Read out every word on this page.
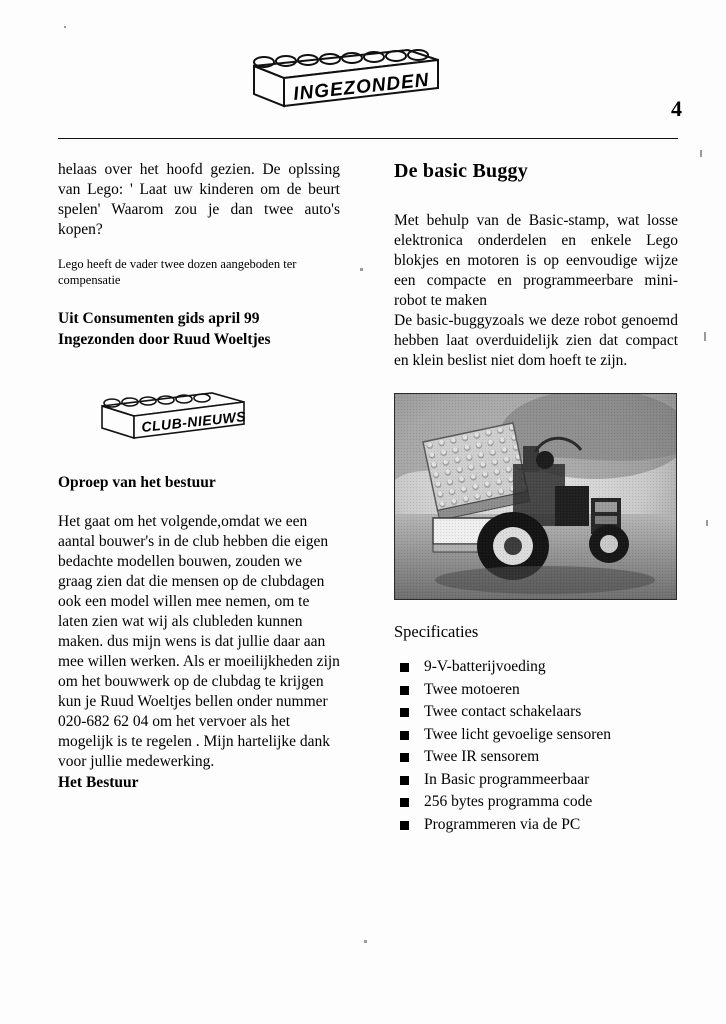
INGEZONDEN
4

helaas over het hoofd gezien. De oplssing van Lego: ' Laat uw kinderen om de beurt spelen' Waarom zou je dan twee auto's kopen?

Lego heeft de vader twee dozen aangeboden ter compensatie

Uit Consumenten gids april 99
Ingezonden door Ruud Woeltjes
CLUB-NIEUWS
Oproep van het bestuur

Het gaat om het volgende,omdat we een aantal bouwer's in de club hebben die eigen bedachte modellen bouwen, zouden we graag zien dat die mensen op de clubdagen ook een model willen mee nemen, om te laten zien wat wij als clubleden kunnen maken. dus mijn wens is dat jullie daar aan mee willen werken. Als er moeilijkheden zijn om het bouwwerk op de clubdag te krijgen kun je Ruud Woeltjes bellen onder nummer 020-682 62 04 om het vervoer als het mogelijk is te regelen . Mijn hartelijke dank voor jullie medewerking.

Het Bestuur
De basic Buggy

Met behulp van de Basic-stamp, wat losse elektronica onderdelen en enkele Lego blokjes en motoren is op eenvoudige wijze een compacte en programmeerbare mini-robot te maken

De basic-buggyzoals we deze robot genoemd hebben laat overduidelijk zien dat compact en klein beslist niet dom hoeft te zijn.

Specificaties
9-V-batterijvoeding
Twee motoeren
Twee contact schakelaars
Twee licht gevoelige sensoren
Twee IR sensorem
In Basic programmeerbaar
256 bytes programma code
Programmeren via de PC
